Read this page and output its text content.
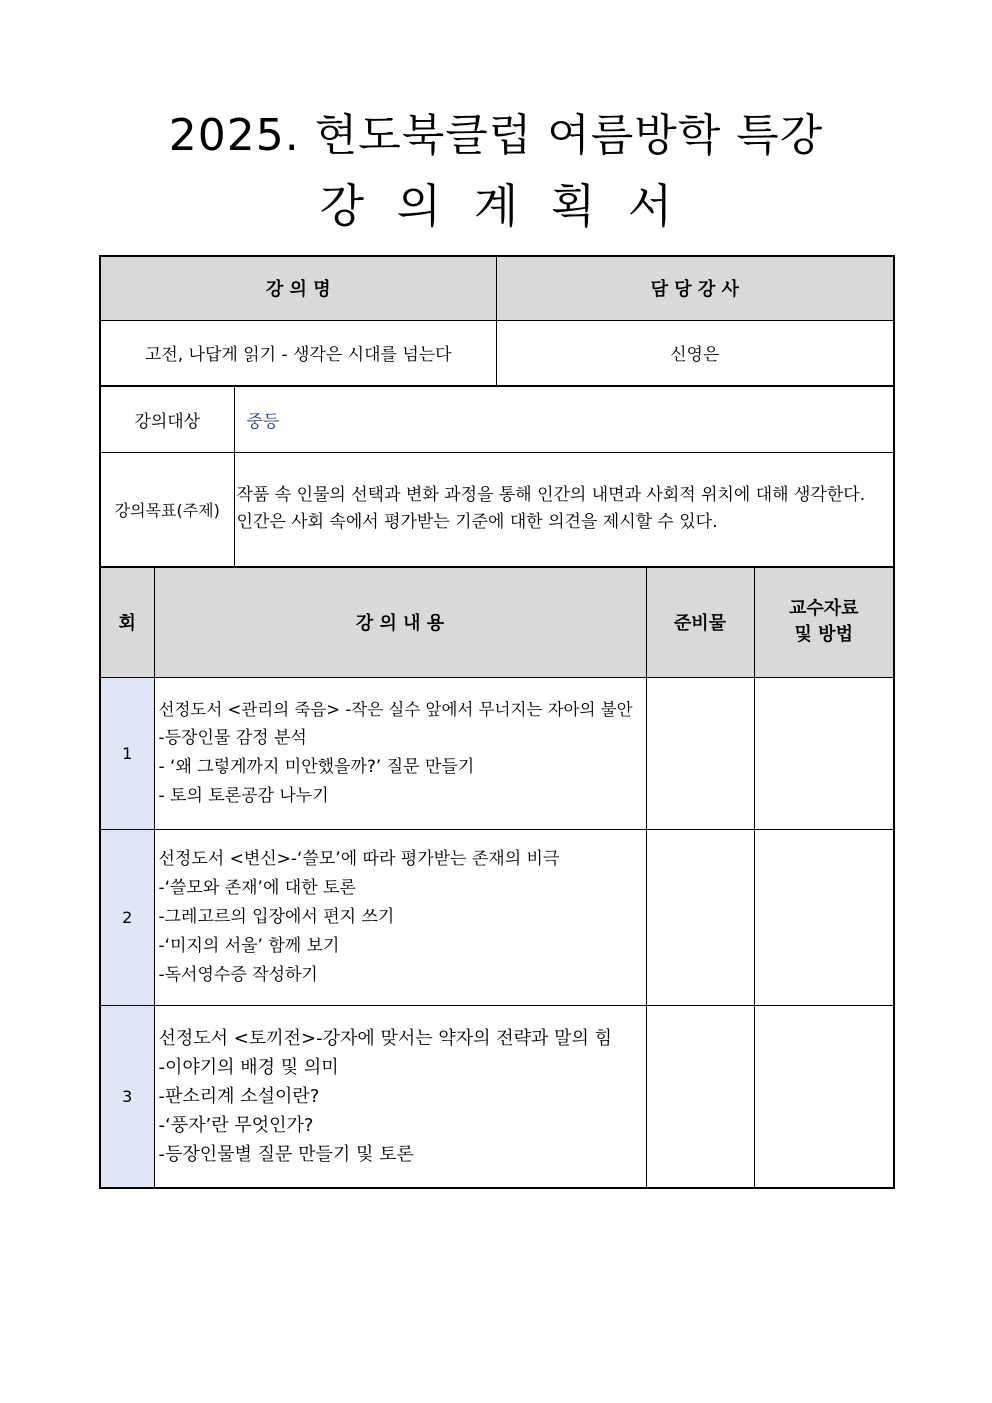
2025. 현도북클럽 여름방학 특강
강 의 계 획 서
강 의 명	담 당 강 사
고전, 나답게 읽기 - 생각은 시대를 넘는다	신영은
강의대상	중등
강의목표(주제)	작품 속 인물의 선택과 변화 과정을 통해 인간의 내면과 사회적 위치에 대해 생각한다.
인간은 사회 속에서 평가받는 기준에 대한 의견을 제시할 수 있다.
회	강 의 내 용	준비물	교수자료
및 방법

1	선정도서 <관리의 죽음> -작은 실수 앞에서 무너지는 자아의 불안
-등장인물 감정 분석
- ‘왜 그렇게까지 미안했을까?’ 질문 만들기
- 토의 토론공감 나누기		

2	선정도서 <변신>-‘쓸모’에 따라 평가받는 존재의 비극
-‘쓸모와 존재’에 대한 토론
-그레고르의 입장에서 편지 쓰기
-‘미지의 서울’ 함께 보기
-독서영수증 작성하기		

3	선정도서 <토끼전>-강자에 맞서는 약자의 전략과 말의 힘
-이야기의 배경 및 의미
-판소리계 소설이란?
-‘풍자’란 무엇인가?
-등장인물별 질문 만들기 및 토론		
